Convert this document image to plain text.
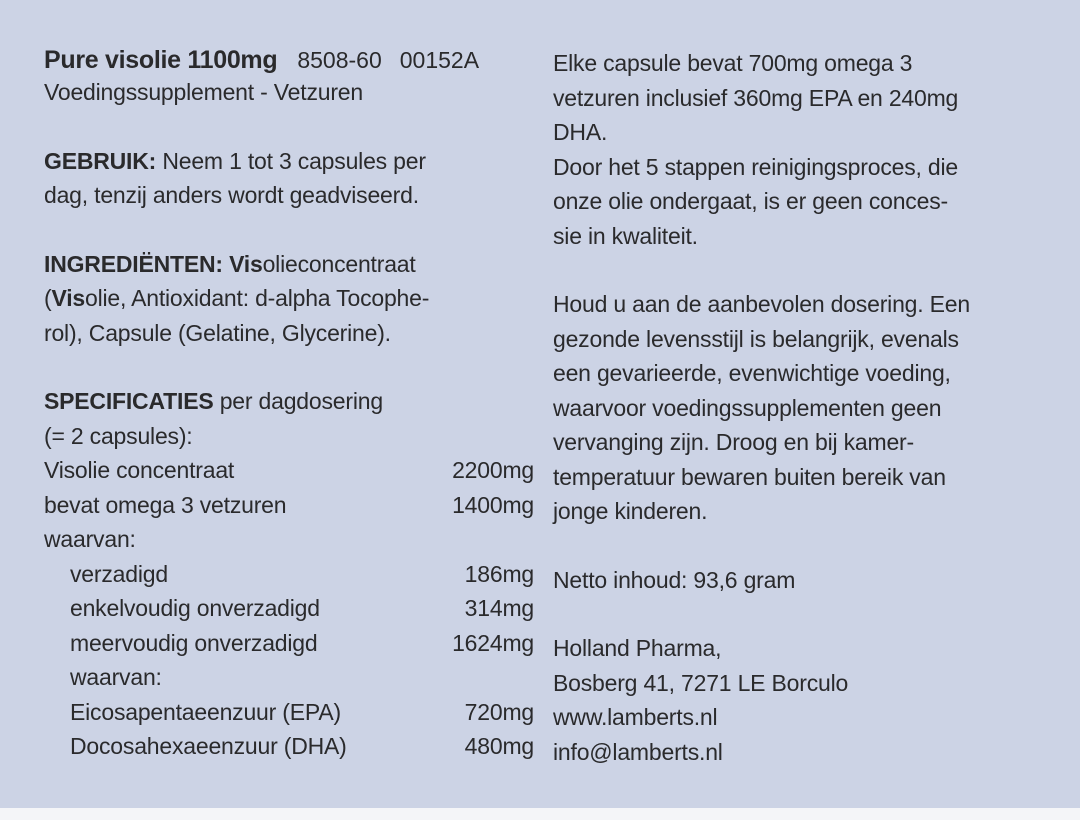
Pure visolie 1100mg 8508-60 00152A
Voedingssupplement - Vetzuren
GEBRUIK: Neem 1 tot 3 capsules per
dag, tenzij anders wordt geadviseerd.
INGREDIËNTEN: Visolieconcentraat
(Visolie, Antioxidant: d-alpha Tocophe-
rol), Capsule (Gelatine, Glycerine).
SPECIFICATIES per dagdosering
(= 2 capsules):
Visolie concentraat	2200mg
bevat omega 3 vetzuren	1400mg
waarvan:
verzadigd	186mg
enkelvoudig onverzadigd	314mg
meervoudig onverzadigd	1624mg
waarvan:
Eicosapentaeenzuur (EPA)	720mg
Docosahexaeenzuur (DHA)	480mg
Elke capsule bevat 700mg omega 3
vetzuren inclusief 360mg EPA en 240mg
DHA.
Door het 5 stappen reinigingsproces, die
onze olie ondergaat, is er geen conces-
sie in kwaliteit.
Houd u aan de aanbevolen dosering. Een
gezonde levensstijl is belangrijk, evenals
een gevarieerde, evenwichtige voeding,
waarvoor voedingssupplementen geen
vervanging zijn. Droog en bij kamer-
temperatuur bewaren buiten bereik van
jonge kinderen.
Netto inhoud: 93,6 gram
Holland Pharma,
Bosberg 41, 7271 LE Borculo
www.lamberts.nl
info@lamberts.nl
